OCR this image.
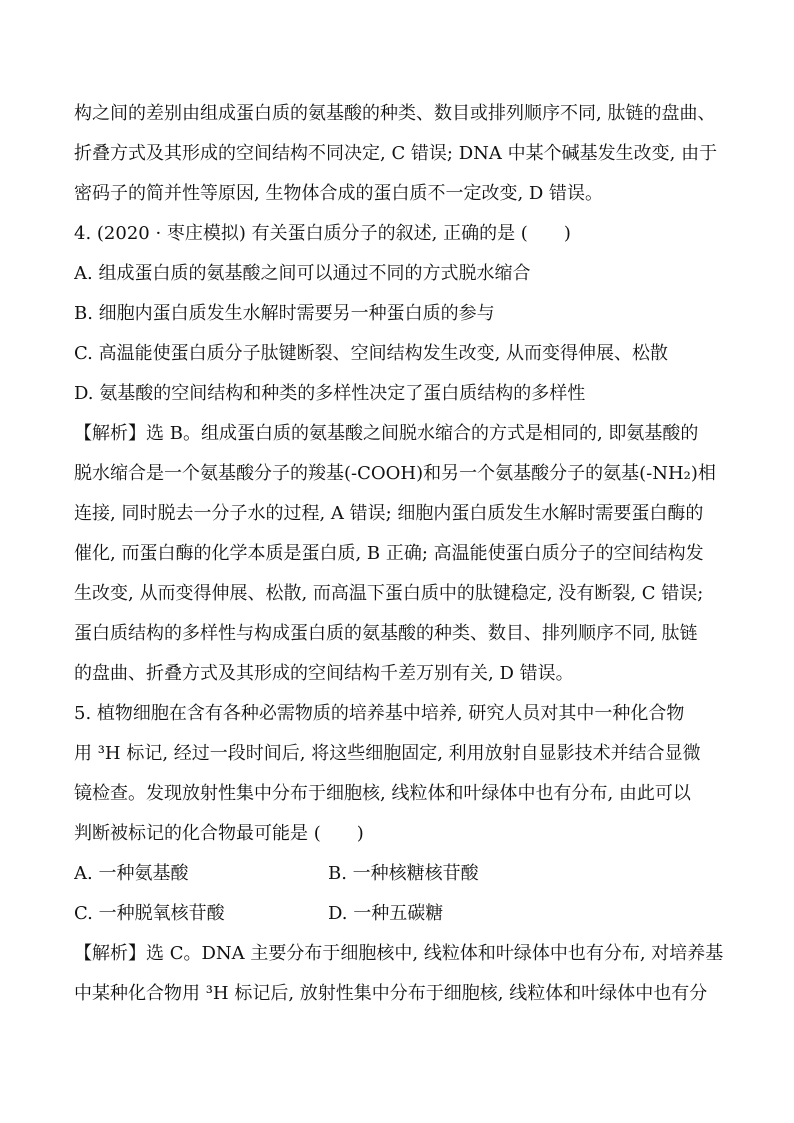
构之间的差别由组成蛋白质的氨基酸的种类、数目或排列顺序不同, 肽链的盘曲、
折叠方式及其形成的空间结构不同决定, C 错误; DNA 中某个碱基发生改变, 由于
密码子的简并性等原因, 生物体合成的蛋白质不一定改变, D 错误。
4. (2020 · 枣庄模拟) 有关蛋白质分子的叙述, 正确的是 (　　)
A. 组成蛋白质的氨基酸之间可以通过不同的方式脱水缩合
B. 细胞内蛋白质发生水解时需要另一种蛋白质的参与
C. 高温能使蛋白质分子肽键断裂、空间结构发生改变, 从而变得伸展、松散
D. 氨基酸的空间结构和种类的多样性决定了蛋白质结构的多样性
【解析】选 B。组成蛋白质的氨基酸之间脱水缩合的方式是相同的, 即氨基酸的
脱水缩合是一个氨基酸分子的羧基(-COOH)和另一个氨基酸分子的氨基(-NH₂)相
连接, 同时脱去一分子水的过程, A 错误; 细胞内蛋白质发生水解时需要蛋白酶的
催化, 而蛋白酶的化学本质是蛋白质, B 正确; 高温能使蛋白质分子的空间结构发
生改变, 从而变得伸展、松散, 而高温下蛋白质中的肽键稳定, 没有断裂, C 错误;
蛋白质结构的多样性与构成蛋白质的氨基酸的种类、数目、排列顺序不同, 肽链
的盘曲、折叠方式及其形成的空间结构千差万别有关, D 错误。
5. 植物细胞在含有各种必需物质的培养基中培养, 研究人员对其中一种化合物
用 ³H 标记, 经过一段时间后, 将这些细胞固定, 利用放射自显影技术并结合显微
镜检查。发现放射性集中分布于细胞核, 线粒体和叶绿体中也有分布, 由此可以
判断被标记的化合物最可能是 (　　)
A. 一种氨基酸	B. 一种核糖核苷酸
C. 一种脱氧核苷酸	D. 一种五碳糖
【解析】选 C。DNA 主要分布于细胞核中, 线粒体和叶绿体中也有分布, 对培养基
中某种化合物用 ³H 标记后, 放射性集中分布于细胞核, 线粒体和叶绿体中也有分
